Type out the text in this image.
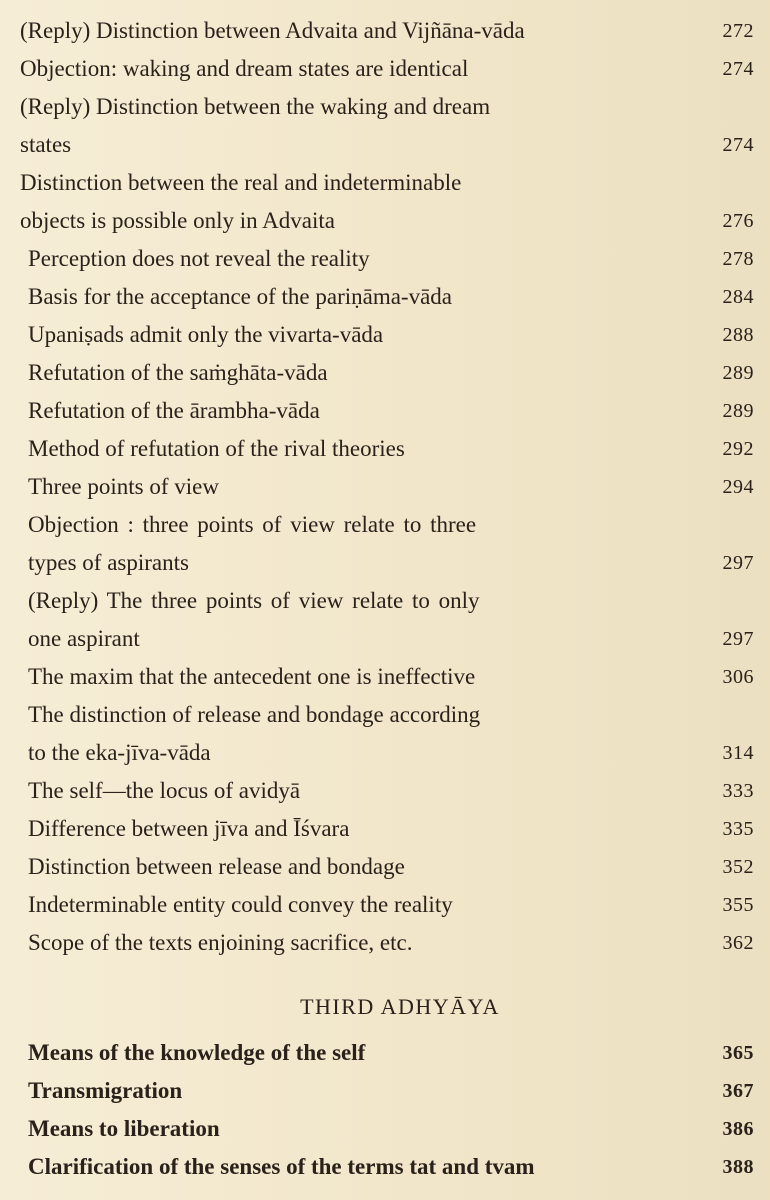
(Reply) Distinction between Advaita and Vijñāna-vāda	272
Objection: waking and dream states are identical	274
(Reply) Distinction between the waking and dream
states	274
Distinction between the real and indeterminable
objects is possible only in Advaita	276
Perception does not reveal the reality	278
Basis for the acceptance of the pariṇāma-vāda	284
Upaniṣads admit only the vivarta-vāda	288
Refutation of the saṁghāta-vāda	289
Refutation of the ārambha-vāda	289
Method of refutation of the rival theories	292
Three points of view	294
Objection : three points of view relate to three
types of aspirants	297
(Reply) The three points of view relate to only
one aspirant	297
The maxim that the antecedent one is ineffective	306
The distinction of release and bondage according
to the eka-jīva-vāda	314
The self—the locus of avidyā	333
Difference between jīva and Īśvara	335
Distinction between release and bondage	352
Indeterminable entity could convey the reality	355
Scope of the texts enjoining sacrifice, etc.	362
THIRD ADHYĀYA
Means of the knowledge of the self	365
Transmigration	367
Means to liberation	386
Clarification of the senses of the terms tat and tvam	388
